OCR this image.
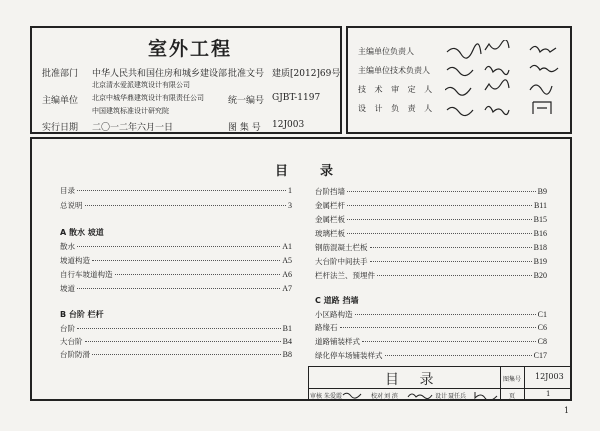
室外工程
批准部门 中华人民共和国住房和城乡建设部 批准文号 建质[2012]69号
主编单位
北京清水爱派建筑设计有限公司
北京中城华鼎建筑设计有限责任公司
中国建筑标准设计研究院
统一编号 GJBT-1197
实行日期 二〇一二年六月一日	图 集 号 12J003
主编单位负责人
主编单位技术负责人
技 术 审 定 人
设 计 负 责 人
目 录
目录	1
总说明	3
A 散水 坡道
散水	A1
坡道构造	A5
自行车坡道构造	A6
坡道	A7
B 台阶 栏杆
台阶	B1
大台阶	B4
台阶防滑	B8
台阶挡墙	B9
金属栏杆	B11
金属栏板	B15
玻璃栏板	B16
钢筋混凝土栏板	B18
大台阶中间扶手	B19
栏杆法兰、预埋件	B20
C 道路 挡墙
小区路构造	C1
路缘石	C6
道路铺装样式	C8
绿化停车场铺装样式	C17
目 录	图集号 12J003
审核 朱爱霞	校对 刘 滨	设计 聂任兵	页	1
1
